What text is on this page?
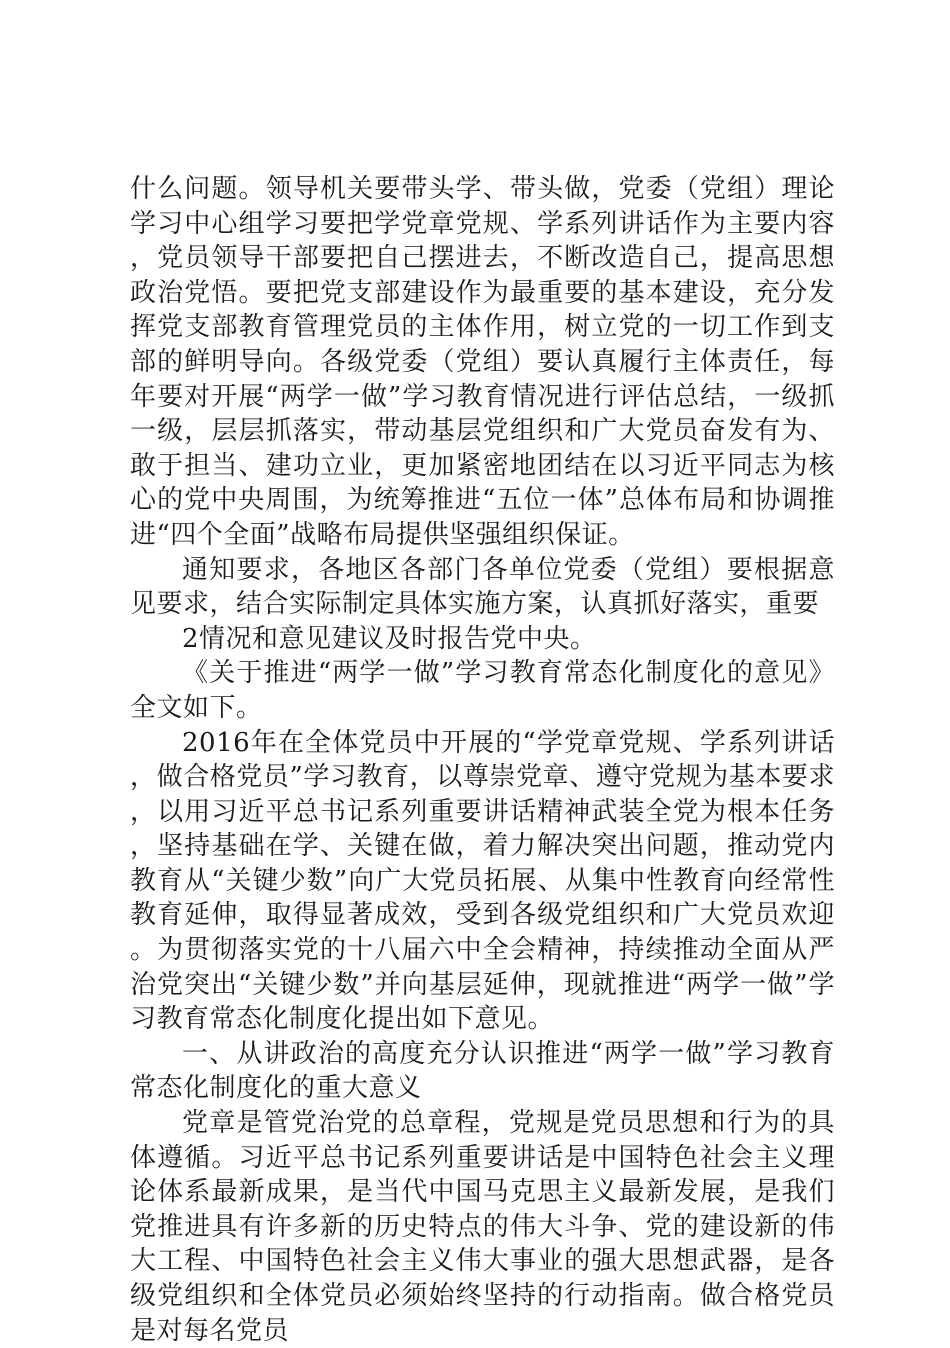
什么问题。领导机关要带头学、带头做，党委（党组）理论学习中心组学习要把学党章党规、学系列讲话作为主要内容，党员领导干部要把自己摆进去，不断改造自己，提高思想政治党悟。要把党支部建设作为最重要的基本建设，充分发挥党支部教育管理党员的主体作用，树立党的一切工作到支部的鲜明导向。各级党委（党组）要认真履行主体责任，每年要对开展“两学一做”学习教育情况进行评估总结，一级抓一级，层层抓落实，带动基层党组织和广大党员奋发有为、敢于担当、建功立业，更加紧密地团结在以习近平同志为核心的党中央周围，为统筹推进“五位一体”总体布局和协调推进“四个全面”战略布局提供坚强组织保证。

通知要求，各地区各部门各单位党委（党组）要根据意见要求，结合实际制定具体实施方案，认真抓好落实，重要

2情况和意见建议及时报告党中央。

《关于推进“两学一做”学习教育常态化制度化的意见》全文如下。

2016年在全体党员中开展的“学党章党规、学系列讲话，做合格党员”学习教育，以尊崇党章、遵守党规为基本要求，以用习近平总书记系列重要讲话精神武装全党为根本任务，坚持基础在学、关键在做，着力解决突出问题，推动党内教育从“关键少数”向广大党员拓展、从集中性教育向经常性教育延伸，取得显著成效，受到各级党组织和广大党员欢迎。为贯彻落实党的十八届六中全会精神，持续推动全面从严治党突出“关键少数”并向基层延伸，现就推进“两学一做”学习教育常态化制度化提出如下意见。

一、从讲政治的高度充分认识推进“两学一做”学习教育常态化制度化的重大意义

党章是管党治党的总章程，党规是党员思想和行为的具体遵循。习近平总书记系列重要讲话是中国特色社会主义理论体系最新成果，是当代中国马克思主义最新发展，是我们党推进具有许多新的历史特点的伟大斗争、党的建设新的伟大工程、中国特色社会主义伟大事业的强大思想武器，是各级党组织和全体党员必须始终坚持的行动指南。做合格党员是对每名党员
